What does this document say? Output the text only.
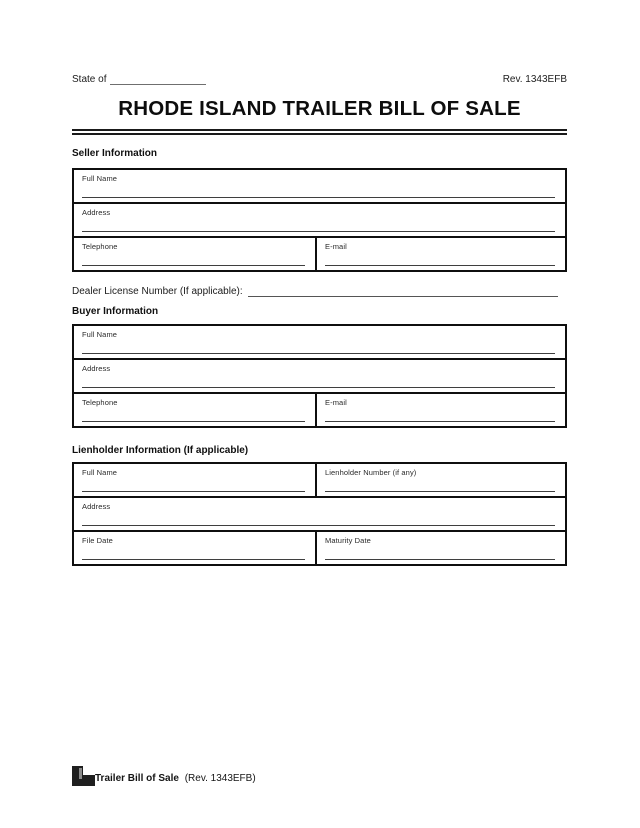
State of	Rev. 1343EFB
RHODE ISLAND TRAILER BILL OF SALE
Seller Information
Full Name
Address
Telephone	E-mail
Dealer License Number (If applicable):
Buyer Information
Full Name
Address
Telephone	E-mail
Lienholder Information (If applicable)
Full Name	Lienholder Number (if any)
Address
File Date	Maturity Date
Trailer Bill of Sale (Rev. 1343EFB)
